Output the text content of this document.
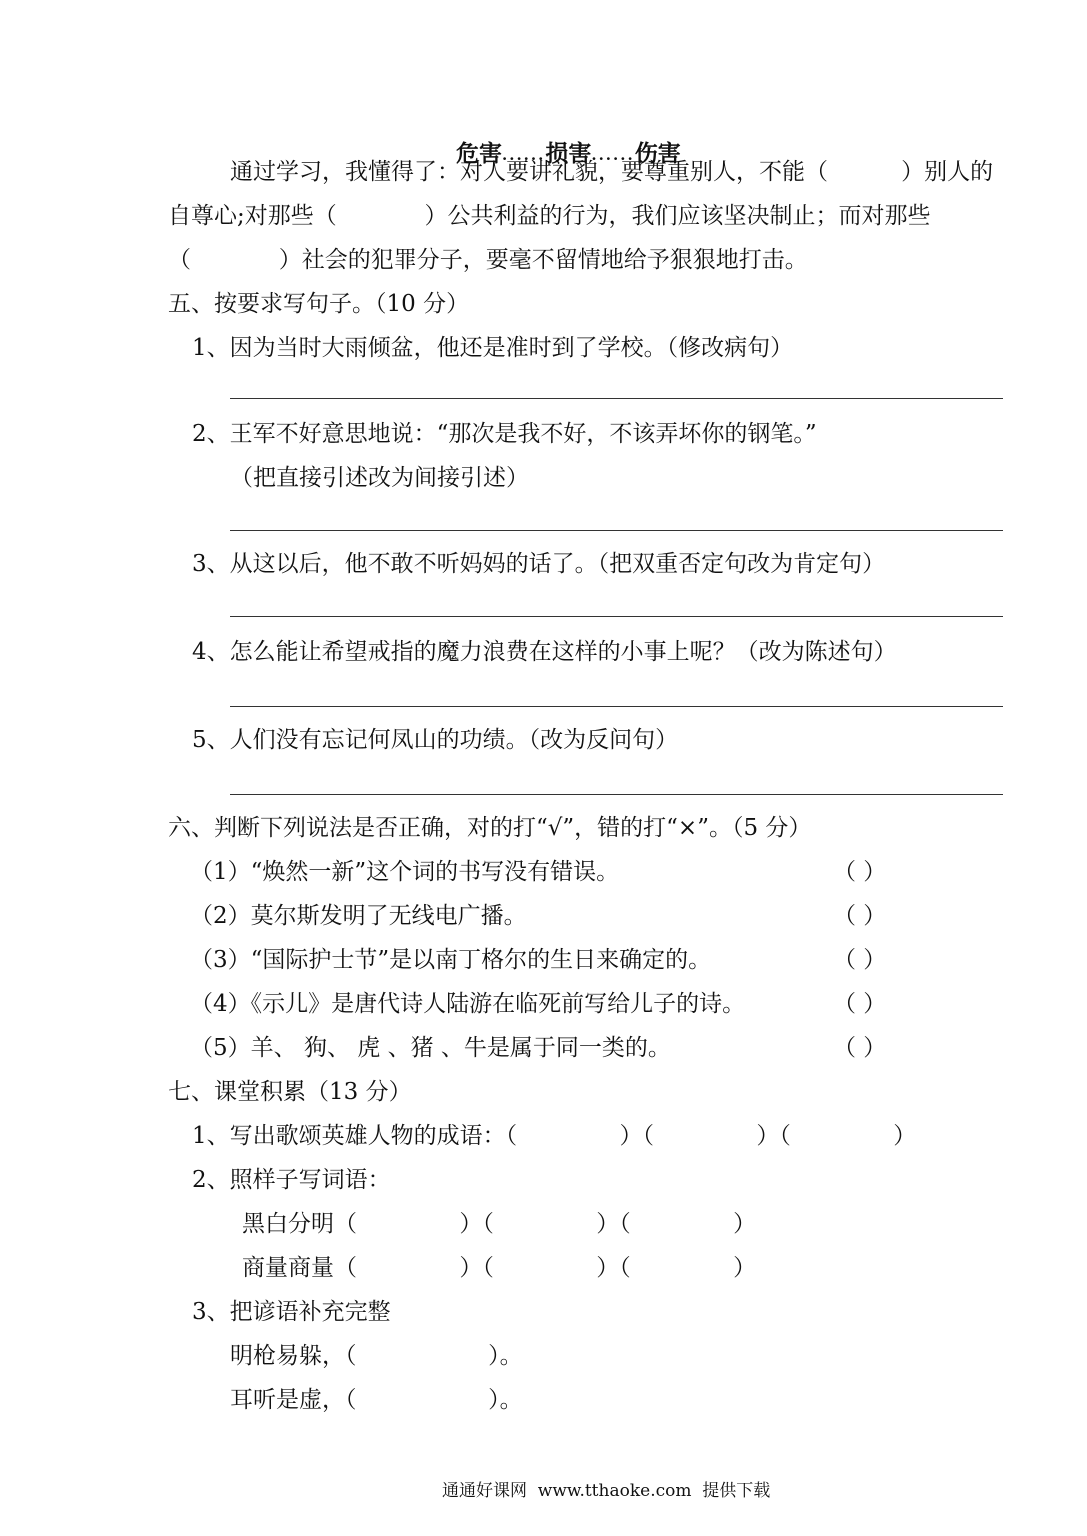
危害......损害......伤害

通过学习，我懂得了：对人要讲礼貌，要尊重别人，不能（          ）别人的
自尊心;对那些（            ）公共利益的行为，我们应该坚决制止；而对那些
（            ）社会的犯罪分子，要毫不留情地给予狠狠地打击。
五、按要求写句子。（10 分）
1、因为当时大雨倾盆，他还是准时到了学校。（修改病句）
2、王军不好意思地说：“那次是我不好，不该弄坏你的钢笔。”
（把直接引述改为间接引述）
3、从这以后，他不敢不听妈妈的话了。（把双重否定句改为肯定句）
4、怎么能让希望戒指的魔力浪费在这样的小事上呢？（改为陈述句）
5、人们没有忘记何凤山的功绩。（改为反问句）
六、判断下列说法是否正确，对的打“√”，错的打“×”。（5 分）
（1）“焕然一新”这个词的书写没有错误。	（ ）
（2）莫尔斯发明了无线电广播。	（ ）
（3）“国际护士节”是以南丁格尔的生日来确定的。	（ ）
（4）《示儿》是唐代诗人陆游在临死前写给儿子的诗。	（ ）
（5）羊、 狗、 虎 、猪 、牛是属于同一类的。	（ ）
七、课堂积累（13 分）
1、写出歌颂英雄人物的成语：（              ）（              ）（              ）
2、照样子写词语：
黑白分明（              ）（              ）（              ）
商量商量（              ）（              ）（              ）
3、把谚语补充完整
明枪易躲，（                  ）。
耳听是虚，（                  ）。
通通好课网  www.tthaoke.com  提供下载
